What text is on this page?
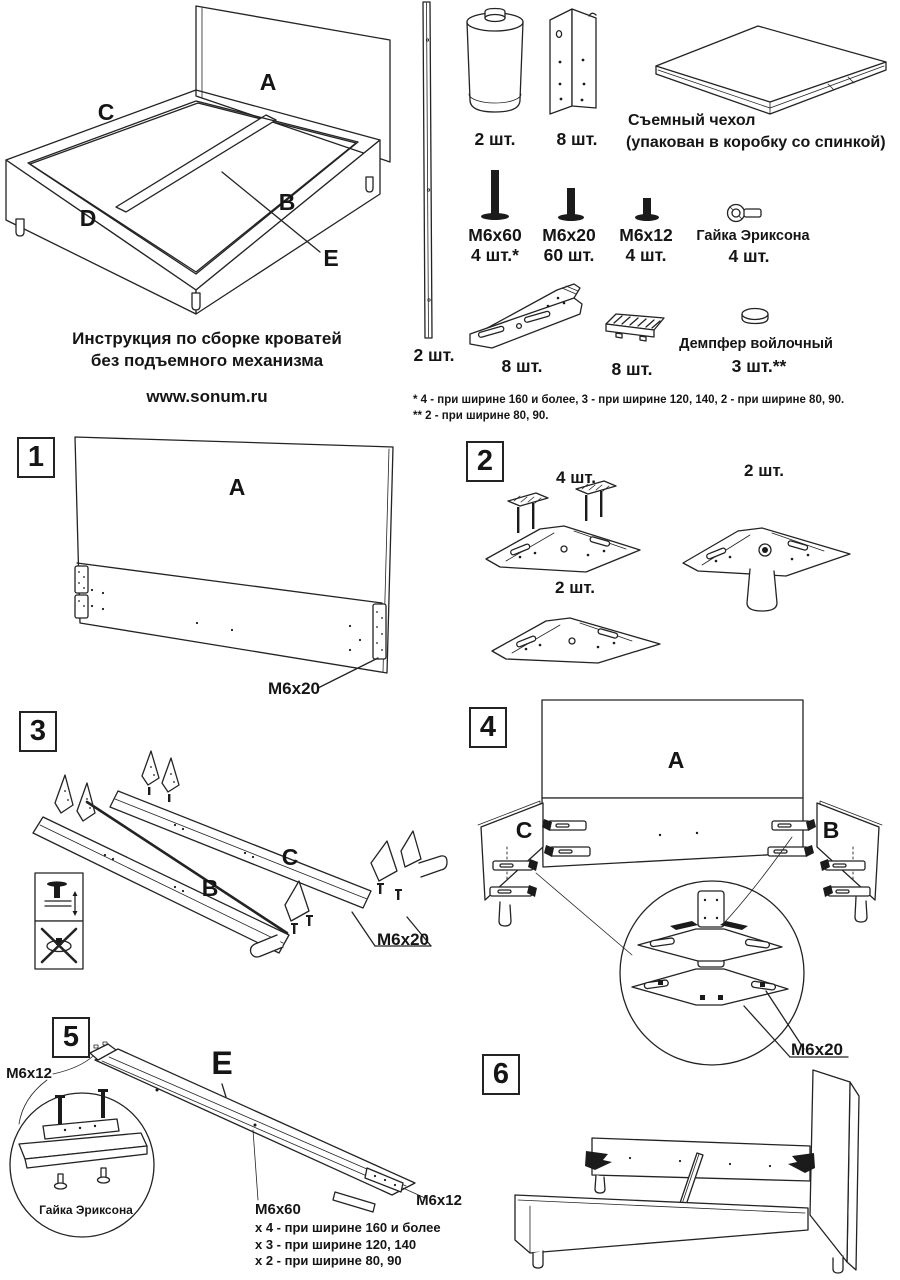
A
C
D
B
E
2 шт.
2 шт. 8 шт.
Съемный чехол
(упакован в коробку со спинкой)
M6x60
4 шт.*
M6x20
60 шт.
M6x12
4 шт.
Гайка Эриксона
4 шт.
8 шт.	8 шт.
Демпфер войлочный
3 шт.**
* 4 - при ширине 160 и более, 3 - при ширине 120, 140, 2 - при ширине 80, 90.
** 2 - при ширине 80, 90.
Инструкция по сборке кроватей
без подъемного механизма
www.sonum.ru
1
A
M6x20
2
4 шт.
2 шт.
2 шт.
3
C
B
M6x20
4
A
C	B
M6x20
5
M6x12	E
Гайка Эриксона	M6x60
x 4 - при ширине 160 и более
x 3 - при ширине 120, 140
x 2 - при ширине 80, 90
M6x12
6
